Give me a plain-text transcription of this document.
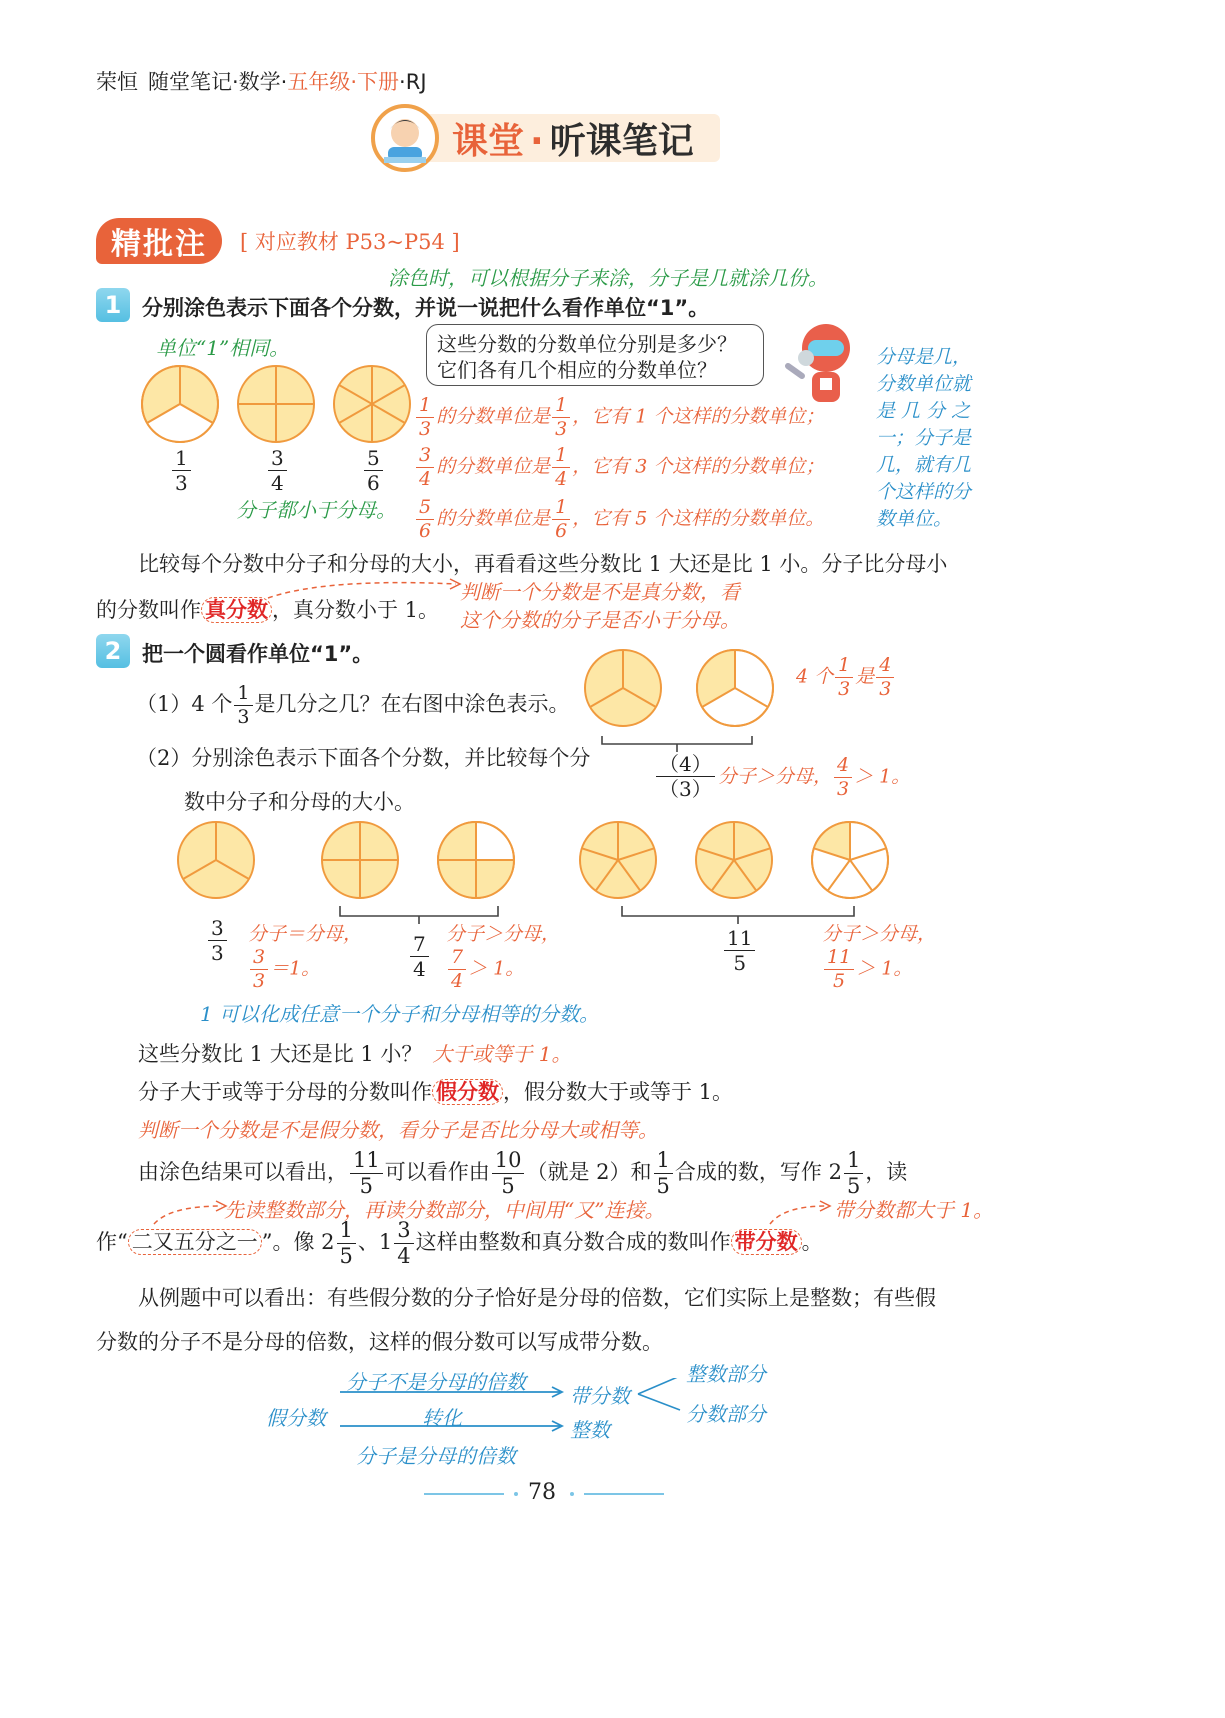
荣恒 随堂笔记·数学·五年级·下册·RJ
课堂 · 听课笔记
精批注 [ 对应教材 P53~P54 ]
涂色时，可以根据分子来涂，分子是几就涂几份。
1 分别涂色表示下面各个分数，并说一说把什么看作单位“1”。
单位“1”相同。
$\frac{1}{3}$	$\frac{3}{4}$	$\frac{5}{6}$
分子都小于分母。
这些分数的分数单位分别是多少？
它们各有几个相应的分数单位？
$\frac{1}{3}$ 的分数单位是 $\frac{1}{3}$ ，它有 1 个这样的分数单位；
$\frac{3}{4}$ 的分数单位是 $\frac{1}{4}$ ，它有 3 个这样的分数单位；
$\frac{5}{6}$ 的分数单位是 $\frac{1}{6}$ ，它有 5 个这样的分数单位。
分母是几，
分数单位就
是 几 分 之
一；分子是
几，就有几
个这样的分
数单位。
比较每个分数中分子和分母的大小，再看看这些分数比 1 大还是比 1 小。分子比分母小
的分数叫作 真分数 ，真分数小于 1。
判断一个分数是不是真分数，看
这个分数的分子是否小于分母。
2 把一个圆看作单位“1”。
（1）4 个 $\frac{1}{3}$ 是几分之几？在右图中涂色表示。
（2）分别涂色表示下面各个分数，并比较每个分
数中分子和分母的大小。
4 个 $\frac{1}{3}$ 是 $\frac{4}{3}$
$\frac{(4)}{(3)}$ 分子＞分母， $\frac{4}{3} > 1$。
$\frac{3}{3}$ 分子＝分母，
$\frac{3}{3} =1$。	$\frac{7}{4}$ 分子＞分母，
$\frac{7}{4} > 1$。	$\frac{11}{5}$	分子＞分母，
$\frac{11}{5} > 1$。
1 可以化成任意一个分子和分母相等的分数。
这些分数比 1 大还是比 1 小？ 大于或等于 1。
分子大于或等于分母的分数叫作 假分数 ，假分数大于或等于 1。
判断一个分数是不是假分数，看分子是否比分母大或相等。
由涂色结果可以看出， $\frac{11}{5}$ 可以看作由 $\frac{10}{5}$ （就是 2）和 $\frac{1}{5}$ 合成的数，写作 $2 \frac{1}{5}$ ，读
先读整数部分，再读分数部分，中间用“又”连接。	带分数都大于 1。
作“ 二又五分之一 ”。像 $2 \frac{1}{5}$ 、$1 \frac{3}{4}$ 这样由整数和真分数合成的数叫作 带分数 。
从例题中可以看出：有些假分数的分子恰好是分母的倍数，它们实际上是整数；有些假
分数的分子不是分母的倍数，这样的假分数可以写成带分数。
假分数
分子不是分母的倍数
转化
分子是分母的倍数
带分数
整数
整数部分
分数部分
78
